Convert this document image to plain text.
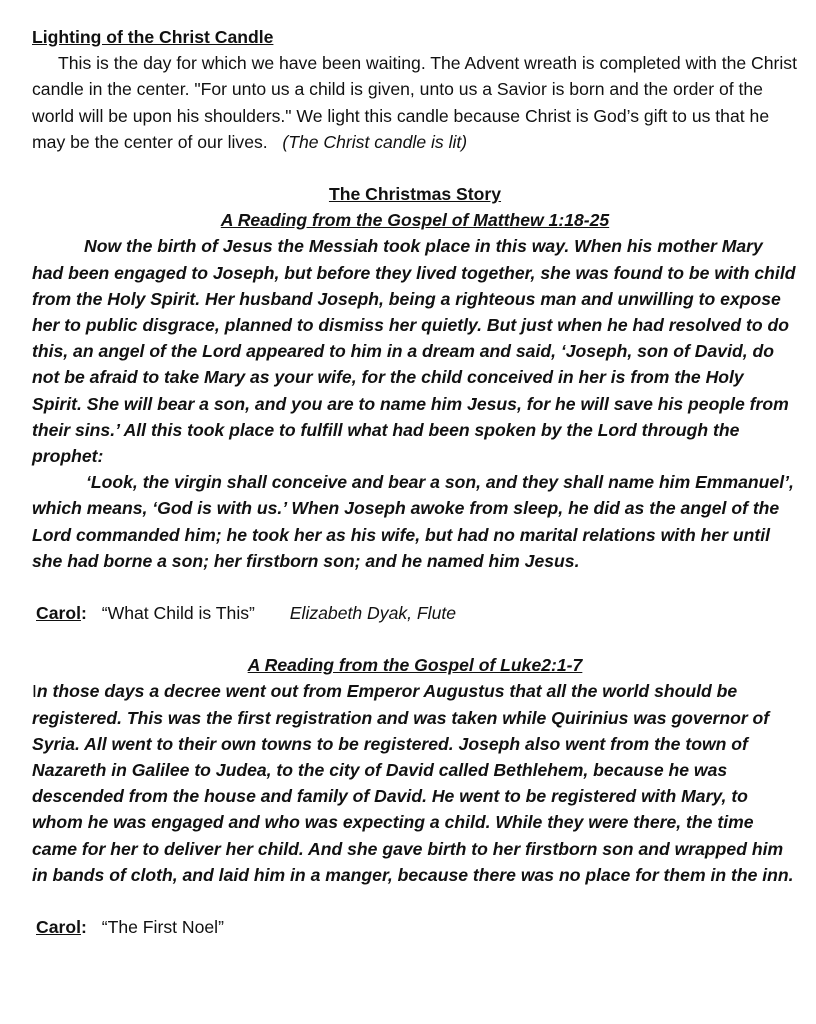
Lighting of the Christ Candle
This is the day for which we have been waiting. The Advent wreath is completed with the Christ candle in the center. "For unto us a child is given, unto us a Savior is born and the order of the world will be upon his shoulders." We light this candle because Christ is God’s gift to us that he may be the center of our lives. (The Christ candle is lit)
The Christmas Story
A Reading from the Gospel of Matthew 1:18-25

Now the birth of Jesus the Messiah took place in this way. When his mother Mary had been engaged to Joseph, but before they lived together, she was found to be with child from the Holy Spirit. Her husband Joseph, being a righteous man and unwilling to expose her to public disgrace, planned to dismiss her quietly. But just when he had resolved to do this, an angel of the Lord appeared to him in a dream and said, ‘Joseph, son of David, do not be afraid to take Mary as your wife, for the child conceived in her is from the Holy Spirit. She will bear a son, and you are to name him Jesus, for he will save his people from their sins.’ All this took place to fulfill what had been spoken by the Lord through the prophet:

‘Look, the virgin shall conceive and bear a son, and they shall name him Emmanuel’, which means, ‘God is with us.’ When Joseph awoke from sleep, he did as the angel of the Lord commanded him; he took her as his wife, but had no marital relations with her until she had borne a son; her firstborn son; and he named him Jesus.

Carol: “What Child is This” Elizabeth Dyak, Flute
A Reading from the Gospel of Luke2:1-7
In those days a decree went out from Emperor Augustus that all the world should be registered. This was the first registration and was taken while Quirinius was governor of Syria. All went to their own towns to be registered. Joseph also went from the town of Nazareth in Galilee to Judea, to the city of David called Bethlehem, because he was descended from the house and family of David. He went to be registered with Mary, to whom he was engaged and who was expecting a child. While they were there, the time came for her to deliver her child. And she gave birth to her firstborn son and wrapped him in bands of cloth, and laid him in a manger, because there was no place for them in the inn.
Carol: “The First Noel”
